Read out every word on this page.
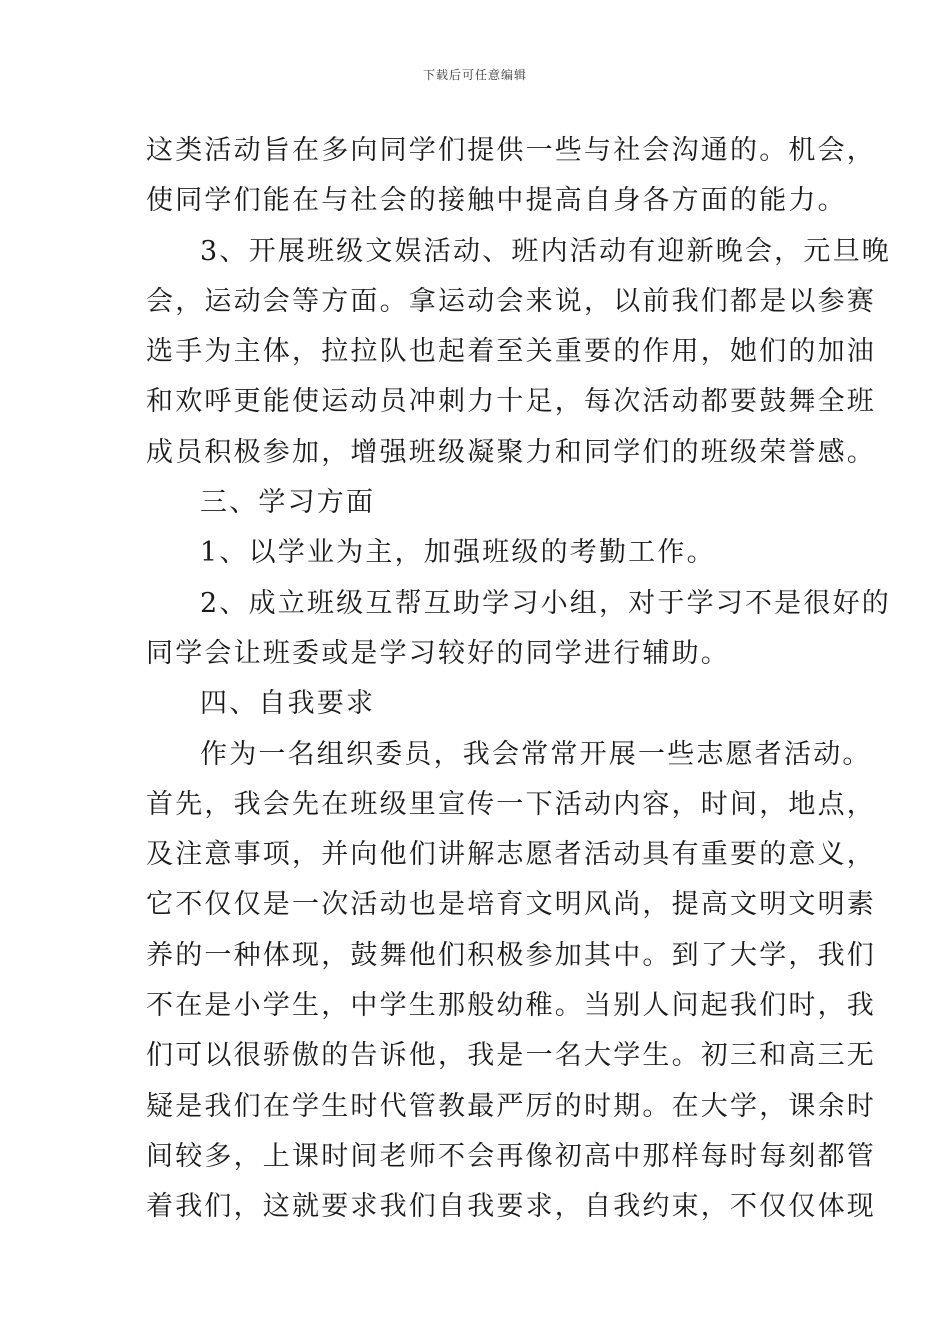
下载后可任意编辑
这类活动旨在多向同学们提供一些与社会沟通的。机会，
使同学们能在与社会的接触中提高自身各方面的能力。
3、开展班级文娱活动、班内活动有迎新晚会，元旦晚
会，运动会等方面。拿运动会来说，以前我们都是以参赛
选手为主体，拉拉队也起着至关重要的作用，她们的加油
和欢呼更能使运动员冲刺力十足，每次活动都要鼓舞全班
成员积极参加，增强班级凝聚力和同学们的班级荣誉感。
三、学习方面
1、以学业为主，加强班级的考勤工作。
2、成立班级互帮互助学习小组，对于学习不是很好的
同学会让班委或是学习较好的同学进行辅助。
四、自我要求
作为一名组织委员，我会常常开展一些志愿者活动。
首先，我会先在班级里宣传一下活动内容，时间，地点，
及注意事项，并向他们讲解志愿者活动具有重要的意义，
它不仅仅是一次活动也是培育文明风尚，提高文明文明素
养的一种体现，鼓舞他们积极参加其中。到了大学，我们
不在是小学生，中学生那般幼稚。当别人问起我们时，我
们可以很骄傲的告诉他，我是一名大学生。初三和高三无
疑是我们在学生时代管教最严厉的时期。在大学，课余时
间较多，上课时间老师不会再像初高中那样每时每刻都管
着我们，这就要求我们自我要求，自我约束，不仅仅体现
